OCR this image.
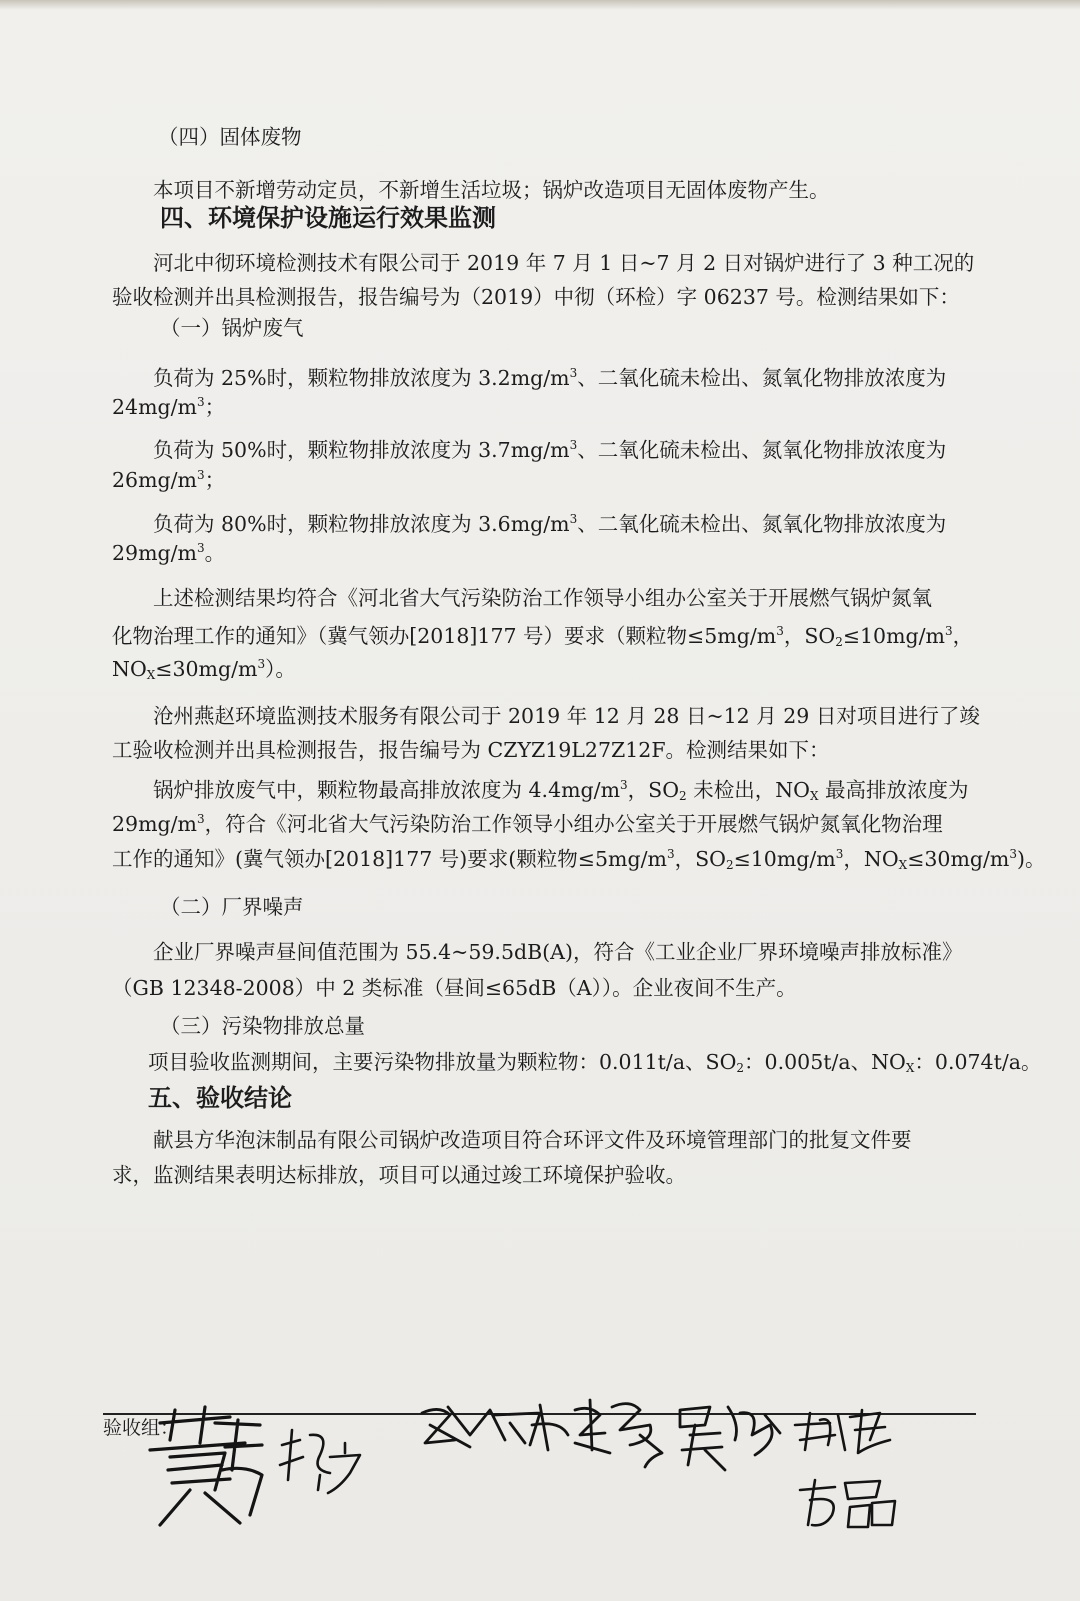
（四）固体废物
本项目不新增劳动定员，不新增生活垃圾；锅炉改造项目无固体废物产生。
四、环境保护设施运行效果监测
河北中彻环境检测技术有限公司于 2019 年 7 月 1 日~7 月 2 日对锅炉进行了 3 种工况的
验收检测并出具检测报告，报告编号为（2019）中彻（环检）字 06237 号。检测结果如下：
（一）锅炉废气
负荷为 25%时，颗粒物排放浓度为 $3.2mg/m^3$、二氧化硫未检出、氮氧化物排放浓度为
$24mg/m^3$；
负荷为 50%时，颗粒物排放浓度为 $3.7mg/m^3$、二氧化硫未检出、氮氧化物排放浓度为
$26mg/m^3$；
负荷为 80%时，颗粒物排放浓度为 $3.6mg/m^3$、二氧化硫未检出、氮氧化物排放浓度为
$29mg/m^3$。
上述检测结果均符合《河北省大气污染防治工作领导小组办公室关于开展燃气锅炉氮氧
化物治理工作的通知》（冀气领办[2018]177 号）要求（颗粒物$\le 5mg/m^3$，$SO_2\le 10mg/m^3$，
$NO_X\le 30mg/m^3$）。
沧州燕赵环境监测技术服务有限公司于 2019 年 12 月 28 日~12 月 29 日对项目进行了竣
工验收检测并出具检测报告，报告编号为 CZYZ19L27Z12F。检测结果如下：
锅炉排放废气中，颗粒物最高排放浓度为 $4.4mg/m^3$，$SO_2$ 未检出，$NO_X$ 最高排放浓度为
$29mg/m^3$，符合《河北省大气污染防治工作领导小组办公室关于开展燃气锅炉氮氧化物治理
工作的通知》(冀气领办[2018]177 号)要求(颗粒物$\le 5mg/m^3$，$SO_2\le 10mg/m^3$，$NO_X\le 30mg/m^3$)。
（二）厂界噪声
企业厂界噪声昼间值范围为 55.4~59.5dB(A)，符合《工业企业厂界环境噪声排放标准》
（GB 12348-2008）中 2 类标准（昼间≤65dB（A））。企业夜间不生产。
（三）污染物排放总量
项目验收监测期间，主要污染物排放量为颗粒物：0.011t/a、$SO_2$：0.005t/a、$NO_X$：0.074t/a。
五、验收结论
献县方华泡沫制品有限公司锅炉改造项目符合环评文件及环境管理部门的批复文件要
求，监测结果表明达标排放，项目可以通过竣工环境保护验收。
验收组：
